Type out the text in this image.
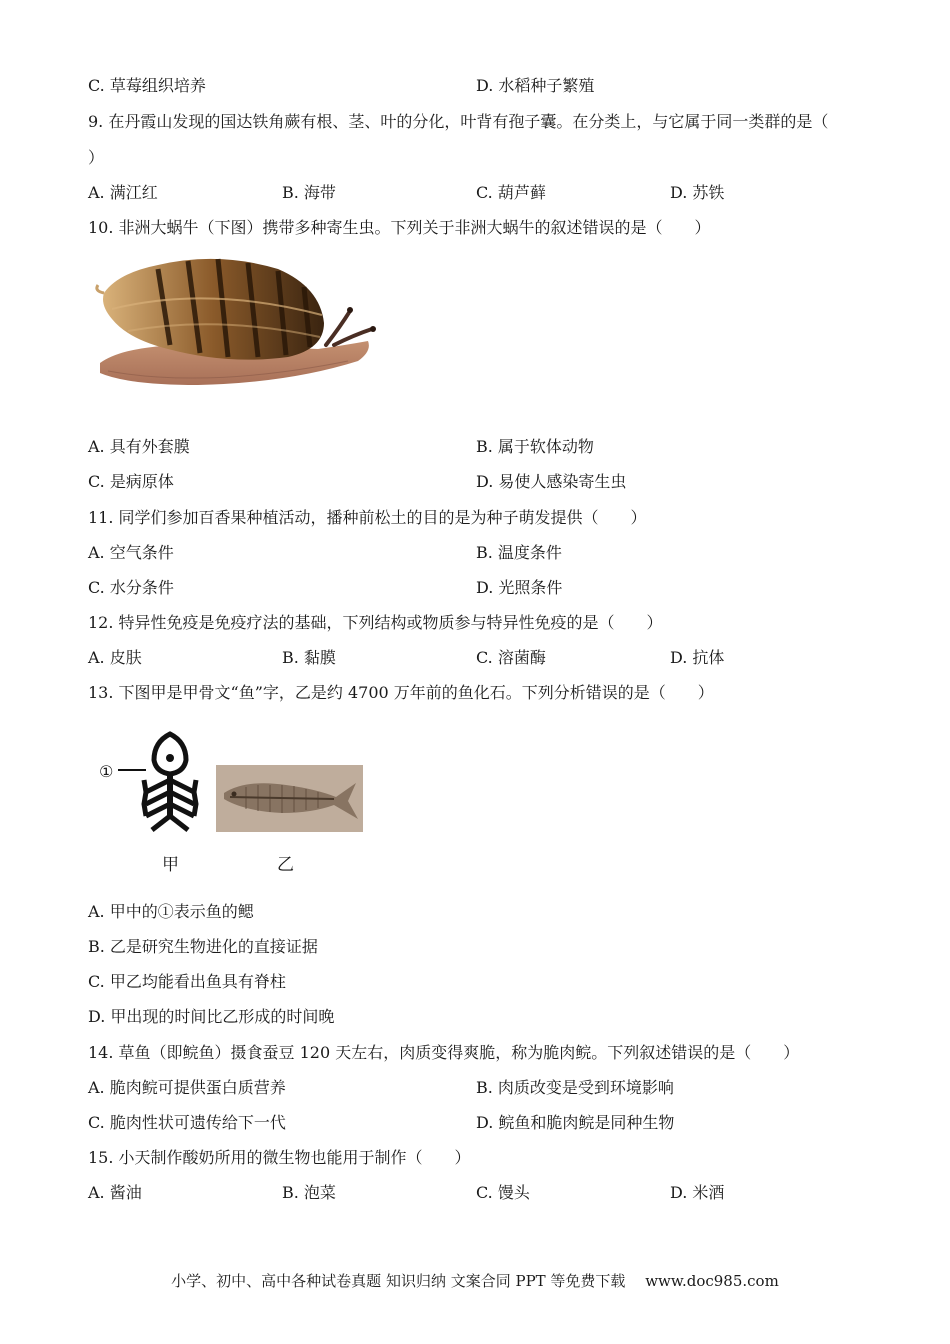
C. 草莓组织培养	D. 水稻种子繁殖
9. 在丹霞山发现的国达铁角蕨有根、茎、叶的分化，叶背有孢子囊。在分类上，与它属于同一类群的是（
）
A. 满江红	B. 海带	C. 葫芦藓	D. 苏铁
10. 非洲大蜗牛（下图）携带多种寄生虫。下列关于非洲大蜗牛的叙述错误的是（　　）
A. 具有外套膜	B. 属于软体动物
C. 是病原体	D. 易使人感染寄生虫
11. 同学们参加百香果种植活动，播种前松土的目的是为种子萌发提供（　　）
A. 空气条件	B. 温度条件
C. 水分条件	D. 光照条件
12. 特异性免疫是免疫疗法的基础，下列结构或物质参与特异性免疫的是（　　）
A. 皮肤	B. 黏膜	C. 溶菌酶	D. 抗体
13. 下图甲是甲骨文“鱼”字，乙是约 4700 万年前的鱼化石。下列分析错误的是（　　）
①
甲	乙
A. 甲中的①表示鱼的鳃
B. 乙是研究生物进化的直接证据
C. 甲乙均能看出鱼具有脊柱
D. 甲出现的时间比乙形成的时间晚
14. 草鱼（即鲩鱼）摄食蚕豆 120 天左右，肉质变得爽脆，称为脆肉鲩。下列叙述错误的是（　　）
A. 脆肉鲩可提供蛋白质营养	B. 肉质改变是受到环境影响
C. 脆肉性状可遗传给下一代	D. 鲩鱼和脆肉鲩是同种生物
15. 小天制作酸奶所用的微生物也能用于制作（　　）
A. 酱油	B. 泡菜	C. 馒头	D. 米酒
小学、初中、高中各种试卷真题 知识归纳 文案合同 PPT 等免费下载　 www.doc985.com
